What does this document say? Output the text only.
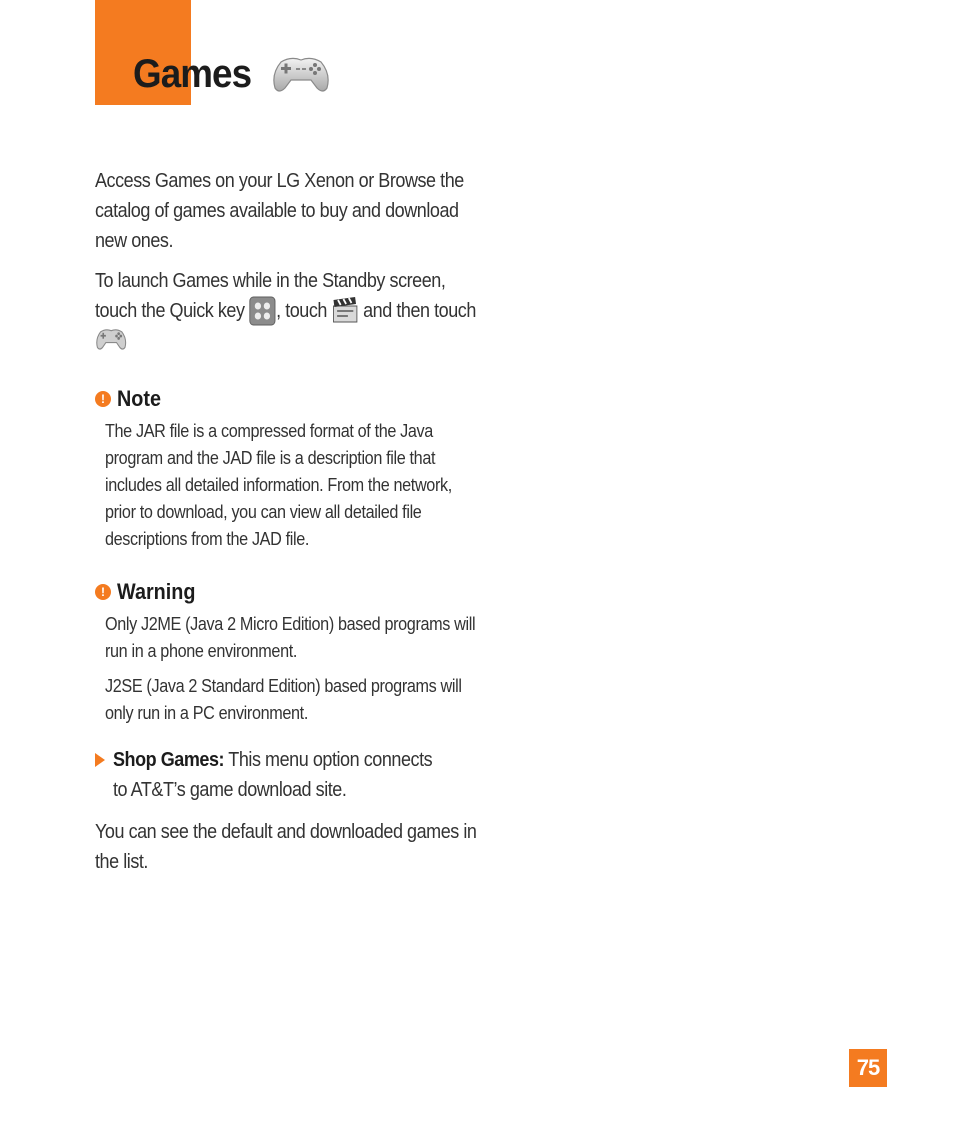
Games

Access Games on your LG Xenon or Browse the catalog of games available to buy and download new ones.

To launch Games while in the Standby screen, touch the Quick key , touch and then touch

! Note
The JAR file is a compressed format of the Java program and the JAD file is a description file that includes all detailed information. From the network, prior to download, you can view all detailed file descriptions from the JAD file.
! Warning
Only J2ME (Java 2 Micro Edition) based programs will run in a phone environment.
J2SE (Java 2 Standard Edition) based programs will only run in a PC environment.
Shop Games: This menu option connects to AT&T’s game download site.

You can see the default and downloaded games in the list.

75
